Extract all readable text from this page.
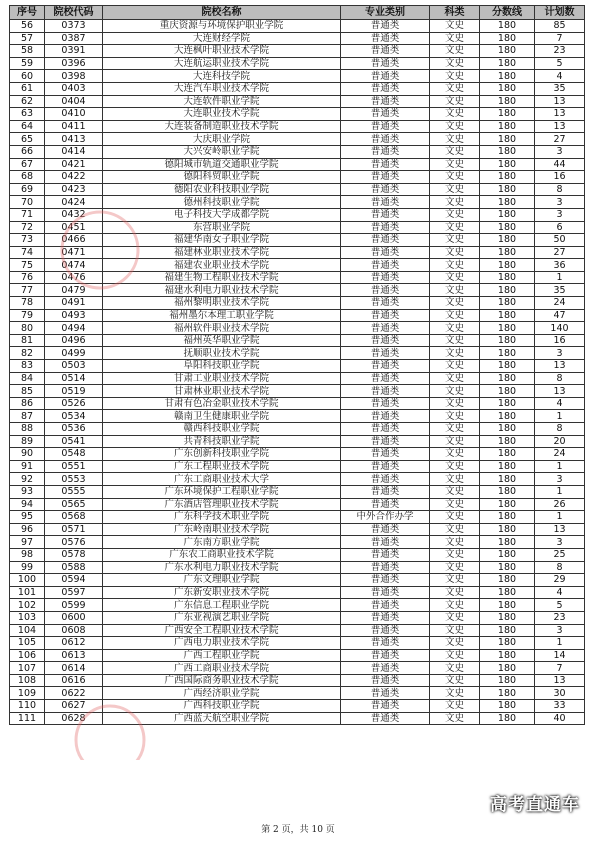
序号	院校代码	院校名称	专业类别	科类	分数线	计划数
56	0373	重庆资源与环境保护职业学院	普通类	文史	180	85
57	0387	大连财经学院	普通类	文史	180	7
58	0391	大连枫叶职业技术学院	普通类	文史	180	23
59	0396	大连航运职业技术学院	普通类	文史	180	5
60	0398	大连科技学院	普通类	文史	180	4
61	0403	大连汽车职业技术学院	普通类	文史	180	35
62	0404	大连软件职业学院	普通类	文史	180	13
63	0410	大连职业技术学院	普通类	文史	180	13
64	0411	大连装备制造职业技术学院	普通类	文史	180	13
65	0413	大庆职业学院	普通类	文史	180	27
66	0414	大兴安岭职业学院	普通类	文史	180	3
67	0421	德阳城市轨道交通职业学院	普通类	文史	180	44
68	0422	德阳科贸职业学院	普通类	文史	180	16
69	0423	德阳农业科技职业学院	普通类	文史	180	8
70	0424	德州科技职业学院	普通类	文史	180	3
71	0432	电子科技大学成都学院	普通类	文史	180	3
72	0451	东营职业学院	普通类	文史	180	6
73	0466	福建华南女子职业学院	普通类	文史	180	50
74	0471	福建林业职业技术学院	普通类	文史	180	27
75	0474	福建农业职业技术学院	普通类	文史	180	36
76	0476	福建生物工程职业技术学院	普通类	文史	180	1
77	0479	福建水利电力职业技术学院	普通类	文史	180	35
78	0491	福州黎明职业技术学院	普通类	文史	180	24
79	0493	福州墨尔本理工职业学院	普通类	文史	180	47
80	0494	福州软件职业技术学院	普通类	文史	180	140
81	0496	福州英华职业学院	普通类	文史	180	16
82	0499	抚顺职业技术学院	普通类	文史	180	3
83	0503	阜阳科技职业学院	普通类	文史	180	13
84	0514	甘肃工业职业技术学院	普通类	文史	180	8
85	0519	甘肃林业职业技术学院	普通类	文史	180	13
86	0526	甘肃有色冶金职业技术学院	普通类	文史	180	4
87	0534	赣南卫生健康职业学院	普通类	文史	180	1
88	0536	赣西科技职业学院	普通类	文史	180	8
89	0541	共青科技职业学院	普通类	文史	180	20
90	0548	广东创新科技职业学院	普通类	文史	180	24
91	0551	广东工程职业技术学院	普通类	文史	180	1
92	0553	广东工商职业技术大学	普通类	文史	180	3
93	0555	广东环境保护工程职业学院	普通类	文史	180	1
94	0565	广东酒店管理职业技术学院	普通类	文史	180	26
95	0568	广东科学技术职业学院	中外合作办学	文史	180	1
96	0571	广东岭南职业技术学院	普通类	文史	180	13
97	0576	广东南方职业学院	普通类	文史	180	3
98	0578	广东农工商职业技术学院	普通类	文史	180	25
99	0588	广东水利电力职业技术学院	普通类	文史	180	8
100	0594	广东文理职业学院	普通类	文史	180	29
101	0597	广东新安职业技术学院	普通类	文史	180	4
102	0599	广东信息工程职业学院	普通类	文史	180	5
103	0600	广东亚视演艺职业学院	普通类	文史	180	23
104	0608	广西安全工程职业技术学院	普通类	文史	180	3
105	0612	广西电力职业技术学院	普通类	文史	180	1
106	0613	广西工程职业学院	普通类	文史	180	14
107	0614	广西工商职业技术学院	普通类	文史	180	7
108	0616	广西国际商务职业技术学院	普通类	文史	180	13
109	0622	广西经济职业学院	普通类	文史	180	30
110	0627	广西科技职业学院	普通类	文史	180	33
111	0628	广西蓝天航空职业学院	普通类	文史	180	40
第 2 页，共 10 页
高考直通车
